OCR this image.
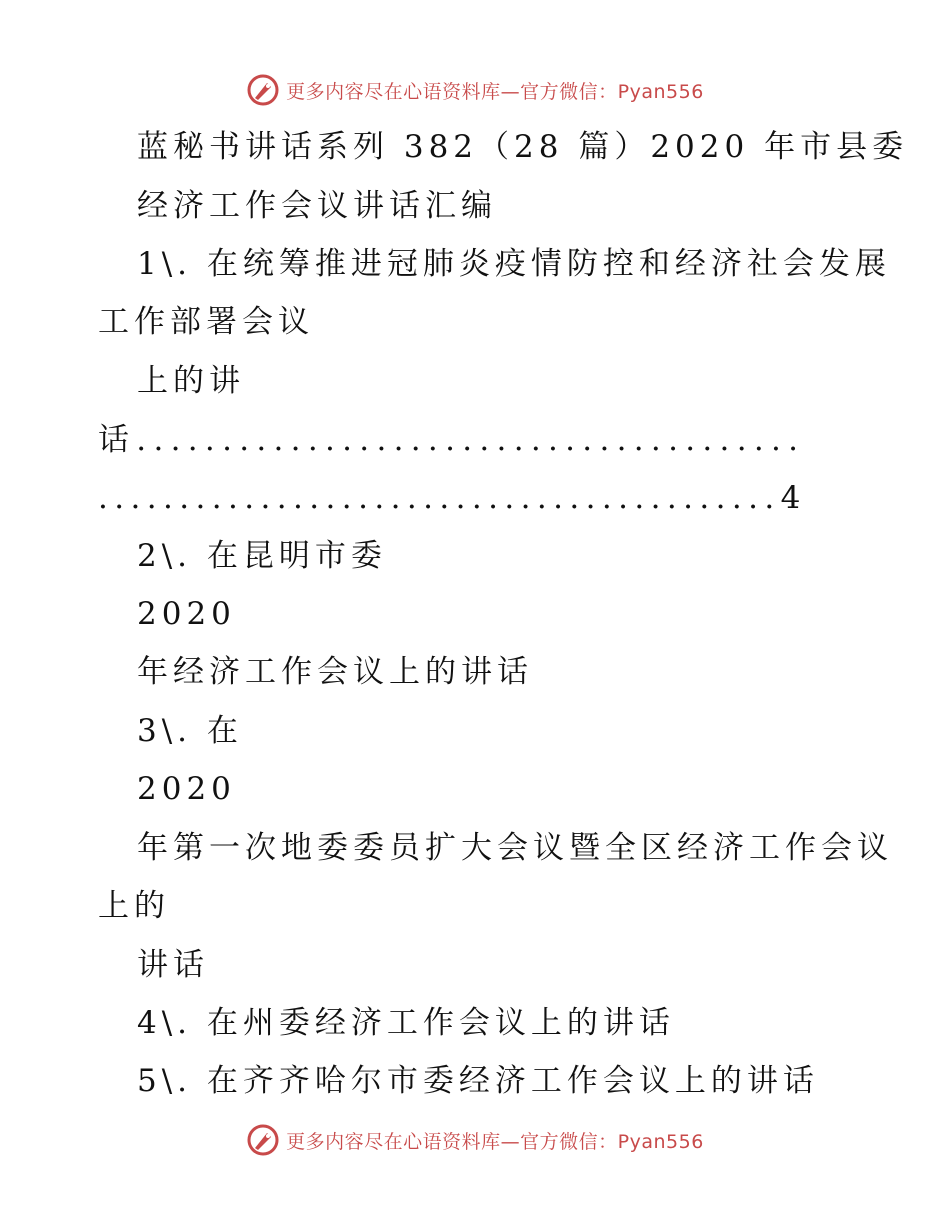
更多内容尽在心语资料库—官方微信：Pyan556
蓝秘书讲话系列 382（28 篇）2020 年市县委
经济工作会议讲话汇编
1\. 在统筹推进冠肺炎疫情防控和经济社会发展
工作部署会议
上的讲
话.......................................
..........................................4
2\. 在昆明市委
2020
年经济工作会议上的讲话
3\. 在
2020
年第一次地委委员扩大会议暨全区经济工作会议
上的
讲话
4\. 在州委经济工作会议上的讲话
5\. 在齐齐哈尔市委经济工作会议上的讲话
更多内容尽在心语资料库—官方微信：Pyan556
